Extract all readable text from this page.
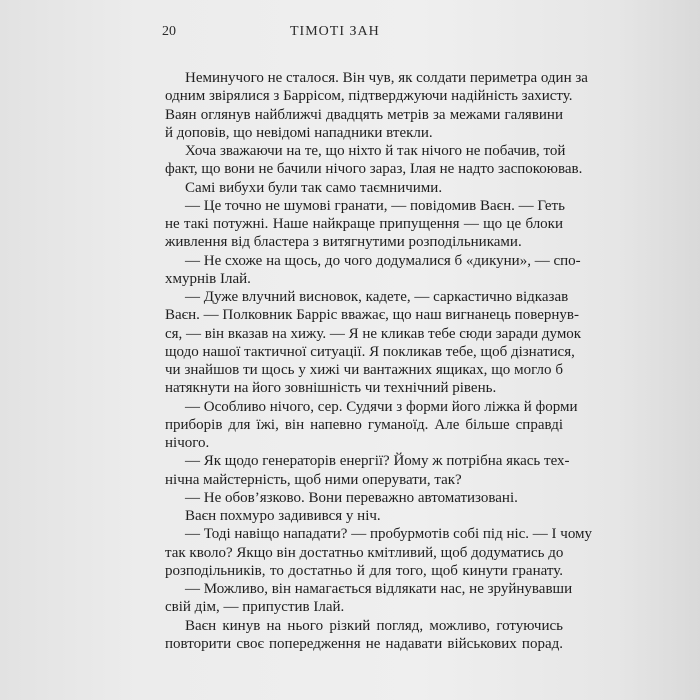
20	ТІМОТІ ЗАН
Неминучого не сталося. Він чув, як солдати периметра один за
одним звірялися з Баррісом, підтверджуючи надійність захисту.
Ваян оглянув найближчі двадцять метрів за межами галявини
й доповів, що невідомі нападники втекли.
Хоча зважаючи на те, що ніхто й так нічого не побачив, той
факт, що вони не бачили нічого зараз, Ілая не надто заспокоював.
Самі вибухи були так само таємничими.
— Це точно не шумові гранати, — повідомив Ваєн. — Геть
не такі потужні. Наше найкраще припущення — що це блоки
живлення від бластера з витягнутими розподільниками.
— Не схоже на щось, до чого додумалися б «дикуни», — спо-
хмурнів Ілай.
— Дуже влучний висновок, кадете, — саркастично відказав
Ваєн. — Полковник Барріс вважає, що наш вигнанець повернув-
ся, — він вказав на хижу. — Я не кликав тебе сюди заради думок
щодо нашої тактичної ситуації. Я покликав тебе, щоб дізнатися,
чи знайшов ти щось у хижі чи вантажних ящиках, що могло б
натякнути на його зовнішність чи технічний рівень.
— Особливо нічого, сер. Судячи з форми його ліжка й форми
приборів для їжі, він напевно гуманоїд. Але більше справді
нічого.
— Як щодо генераторів енергії? Йому ж потрібна якась тех-
нічна майстерність, щоб ними оперувати, так?
— Не обов’язково. Вони переважно автоматизовані.
Ваєн похмуро задивився у ніч.
— Тоді навіщо нападати? — пробурмотів собі під ніс. — І чому
так кволо? Якщо він достатньо кмітливий, щоб додуматись до
розподільників, то достатньо й для того, щоб кинути гранату.
— Можливо, він намагається відлякати нас, не зруйнувавши
свій дім, — припустив Ілай.
Ваєн кинув на нього різкий погляд, можливо, готуючись
повторити своє попередження не надавати військових порад.
